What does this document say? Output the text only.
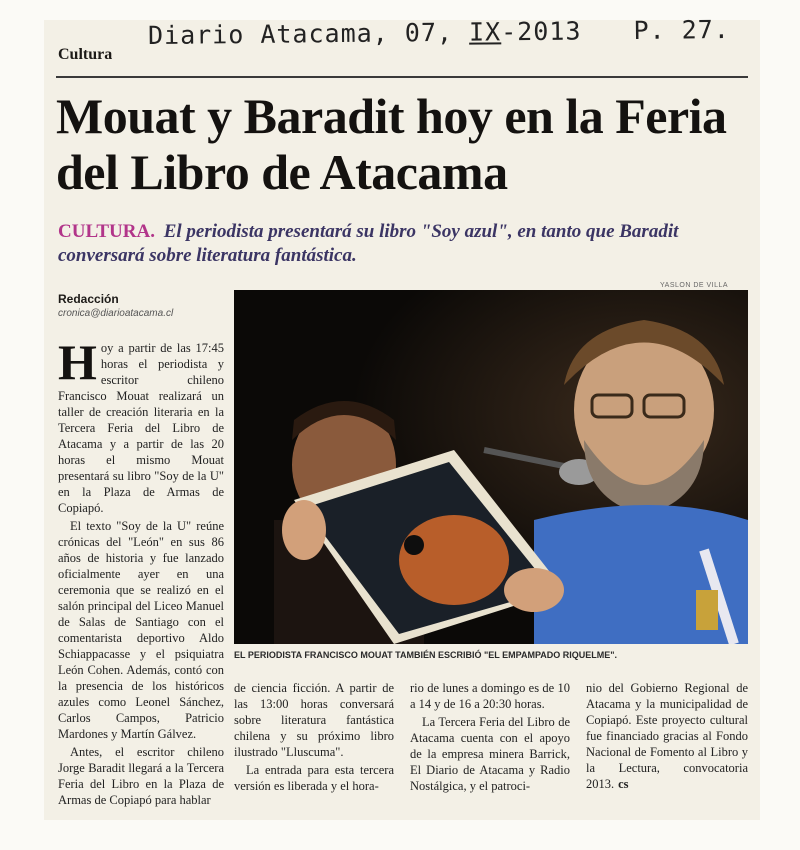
Diario Atacama, 07, IX-2013 P. 27.
Cultura
Mouat y Baradit hoy en la Feria del Libro de Atacama
CULTURA. El periodista presentará su libro "Soy azul", en tanto que Baradit conversará sobre literatura fantástica.
Redacción
cronica@diarioatacama.cl
YASLON DE VILLA
EL PERIODISTA FRANCISCO MOUAT TAMBIÉN ESCRIBIÓ "EL EMPAMPADO RIQUELME".

Hoy a partir de las 17:45 horas el periodista y escritor chileno Francisco Mouat realizará un taller de creación literaria en la Tercera Feria del Libro de Atacama y a partir de las 20 horas el mismo Mouat presentará su libro "Soy de la U" en la Plaza de Armas de Copiapó.

El texto "Soy de la U" reúne crónicas del "León" en sus 86 años de historia y fue lanzado oficialmente ayer en una ceremonia que se realizó en el salón principal del Liceo Manuel de Salas de Santiago con el comentarista deportivo Aldo Schiappacasse y el psiquiatra León Cohen. Además, contó con la presencia de los históricos azules como Leonel Sánchez, Carlos Campos, Patricio Mardones y Martín Gálvez.

Antes, el escritor chileno Jorge Baradit llegará a la Tercera Feria del Libro en la Plaza de Armas de Copiapó para hablar

de ciencia ficción. A partir de las 13:00 horas conversará sobre literatura fantástica chilena y su próximo libro ilustrado "Lluscuma".

La entrada para esta tercera versión es liberada y el hora-

rio de lunes a domingo es de 10 a 14 y de 16 a 20:30 horas.

La Tercera Feria del Libro de Atacama cuenta con el apoyo de la empresa minera Barrick, El Diario de Atacama y Radio Nostálgica, y el patroci-

nio del Gobierno Regional de Atacama y la municipalidad de Copiapó. Este proyecto cultural fue financiado gracias al Fondo Nacional de Fomento al Libro y la Lectura, convocatoria 2013. cs
